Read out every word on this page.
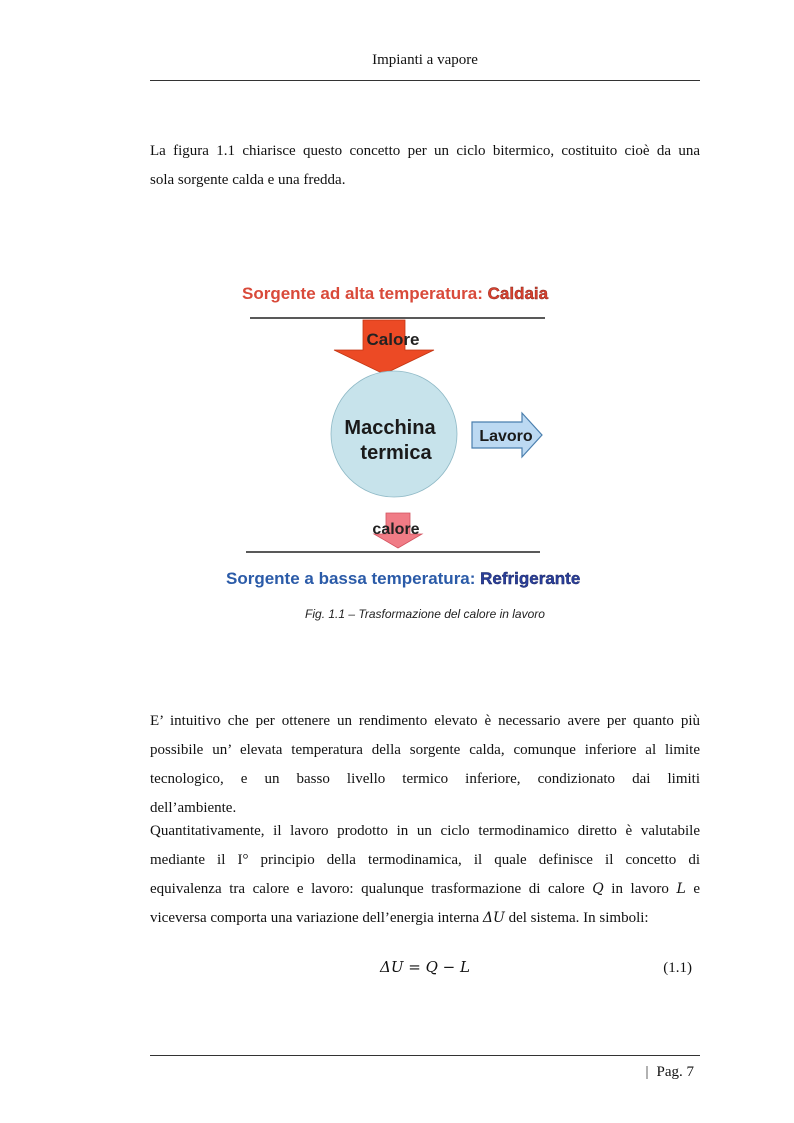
Impianti a vapore

La figura 1.1 chiarisce questo concetto per un ciclo bitermico, costituito cioè da una
sola sorgente calda e una fredda.

Sorgente ad alta temperatura: Caldaia
Calore
Macchina
termica
Lavoro
calore
Sorgente a bassa temperatura: Refrigerante
Fig. 1.1 – Trasformazione del calore in lavoro

E’ intuitivo che per ottenere un rendimento elevato è necessario avere per quanto più
possibile un’ elevata temperatura della sorgente calda, comunque inferiore al limite
tecnologico, e un basso livello termico inferiore, condizionato dai limiti
dell’ambiente.

Quantitativamente, il lavoro prodotto in un ciclo termodinamico diretto è valutabile
mediante il I° principio della termodinamica, il quale definisce il concetto di
equivalenza tra calore e lavoro: qualunque trasformazione di calore Q in lavoro L e
viceversa comporta una variazione dell’energia interna ΔU del sistema. In simboli:

ΔU = Q − L	(1.1)
| Pag. 7
